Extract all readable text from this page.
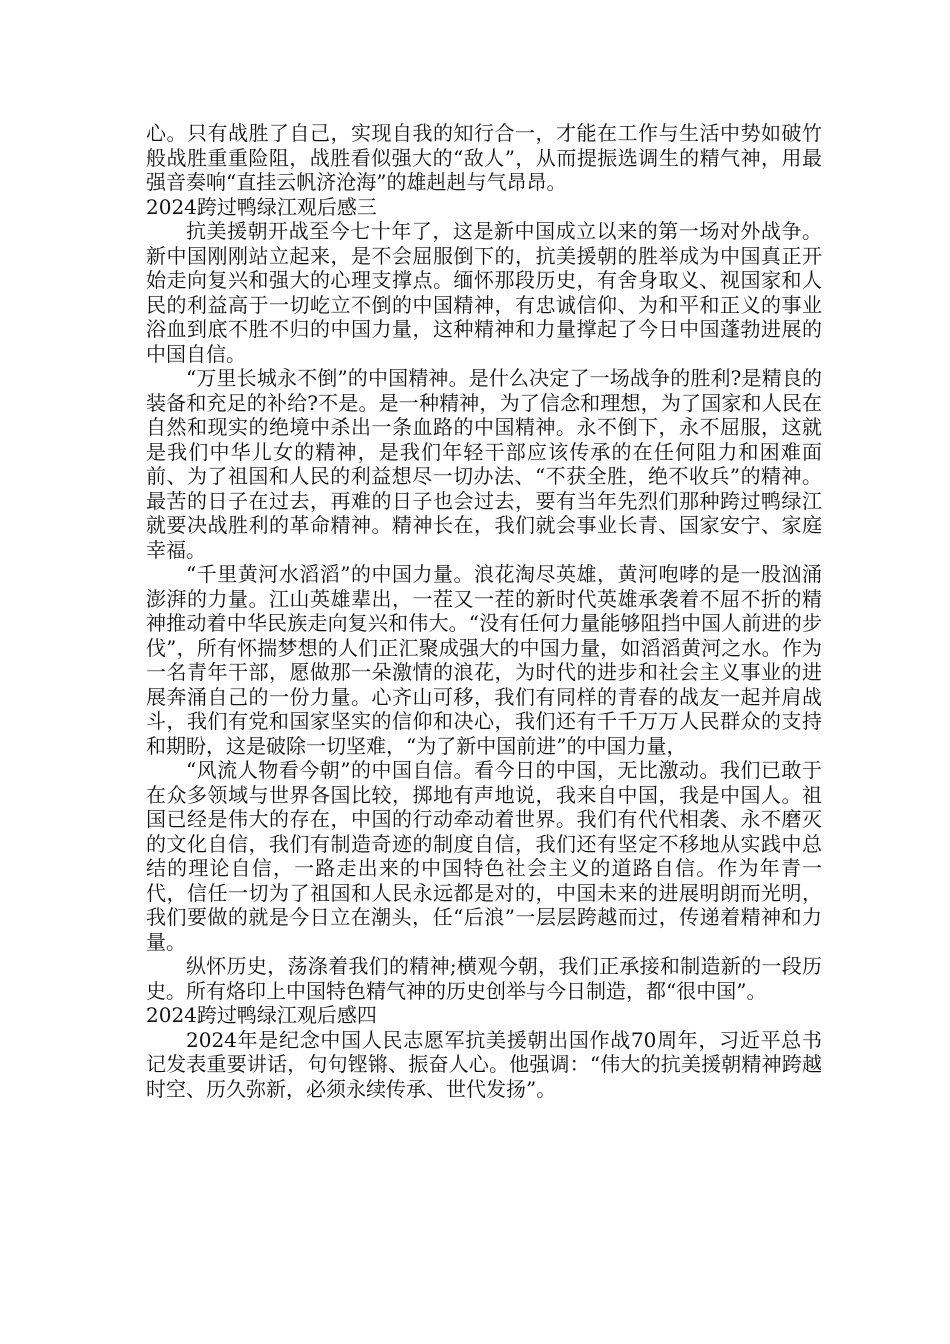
心。只有战胜了自己，实现自我的知行合一，才能在工作与生活中势如破竹般战胜重重险阻，战胜看似强大的“敌人”，从而提振选调生的精气神，用最强音奏响“直挂云帆济沧海”的雄赳赳与气昂昂。

2024跨过鸭绿江观后感三

抗美援朝开战至今七十年了，这是新中国成立以来的第一场对外战争。新中国刚刚站立起来，是不会屈服倒下的，抗美援朝的胜举成为中国真正开始走向复兴和强大的心理支撑点。缅怀那段历史，有舍身取义、视国家和人民的利益高于一切屹立不倒的中国精神，有忠诚信仰、为和平和正义的事业浴血到底不胜不归的中国力量，这种精神和力量撑起了今日中国蓬勃进展的中国自信。

“万里长城永不倒”的中国精神。是什么决定了一场战争的胜利?是精良的装备和充足的补给?不是。是一种精神，为了信念和理想，为了国家和人民在自然和现实的绝境中杀出一条血路的中国精神。永不倒下，永不屈服，这就是我们中华儿女的精神，是我们年轻干部应该传承的在任何阻力和困难面前、为了祖国和人民的利益想尽一切办法、“不获全胜，绝不收兵”的精神。最苦的日子在过去，再难的日子也会过去，要有当年先烈们那种跨过鸭绿江就要决战胜利的革命精神。精神长在，我们就会事业长青、国家安宁、家庭幸福。

“千里黄河水滔滔”的中国力量。浪花淘尽英雄，黄河咆哮的是一股汹涌澎湃的力量。江山英雄辈出，一茬又一茬的新时代英雄承袭着不屈不折的精神推动着中华民族走向复兴和伟大。“没有任何力量能够阻挡中国人前进的步伐”，所有怀揣梦想的人们正汇聚成强大的中国力量，如滔滔黄河之水。作为一名青年干部，愿做那一朵激情的浪花，为时代的进步和社会主义事业的进展奔涌自己的一份力量。心齐山可移，我们有同样的青春的战友一起并肩战斗，我们有党和国家坚实的信仰和决心，我们还有千千万万人民群众的支持和期盼，这是破除一切坚难，“为了新中国前进”的中国力量，

“风流人物看今朝”的中国自信。看今日的中国，无比激动。我们已敢于在众多领域与世界各国比较，掷地有声地说，我来自中国，我是中国人。祖国已经是伟大的存在，中国的行动牵动着世界。我们有代代相袭、永不磨灭的文化自信，我们有制造奇迹的制度自信，我们还有坚定不移地从实践中总结的理论自信，一路走出来的中国特色社会主义的道路自信。作为年青一代，信任一切为了祖国和人民永远都是对的，中国未来的进展明朗而光明，我们要做的就是今日立在潮头，任“后浪”一层层跨越而过，传递着精神和力量。

纵怀历史，荡涤着我们的精神;横观今朝，我们正承接和制造新的一段历史。所有烙印上中国特色精气神的历史创举与今日制造，都“很中国”。

2024跨过鸭绿江观后感四

2024年是纪念中国人民志愿军抗美援朝出国作战70周年，习近平总书记发表重要讲话，句句铿锵、振奋人心。他强调：“伟大的抗美援朝精神跨越时空、历久弥新，必须永续传承、世代发扬”。
